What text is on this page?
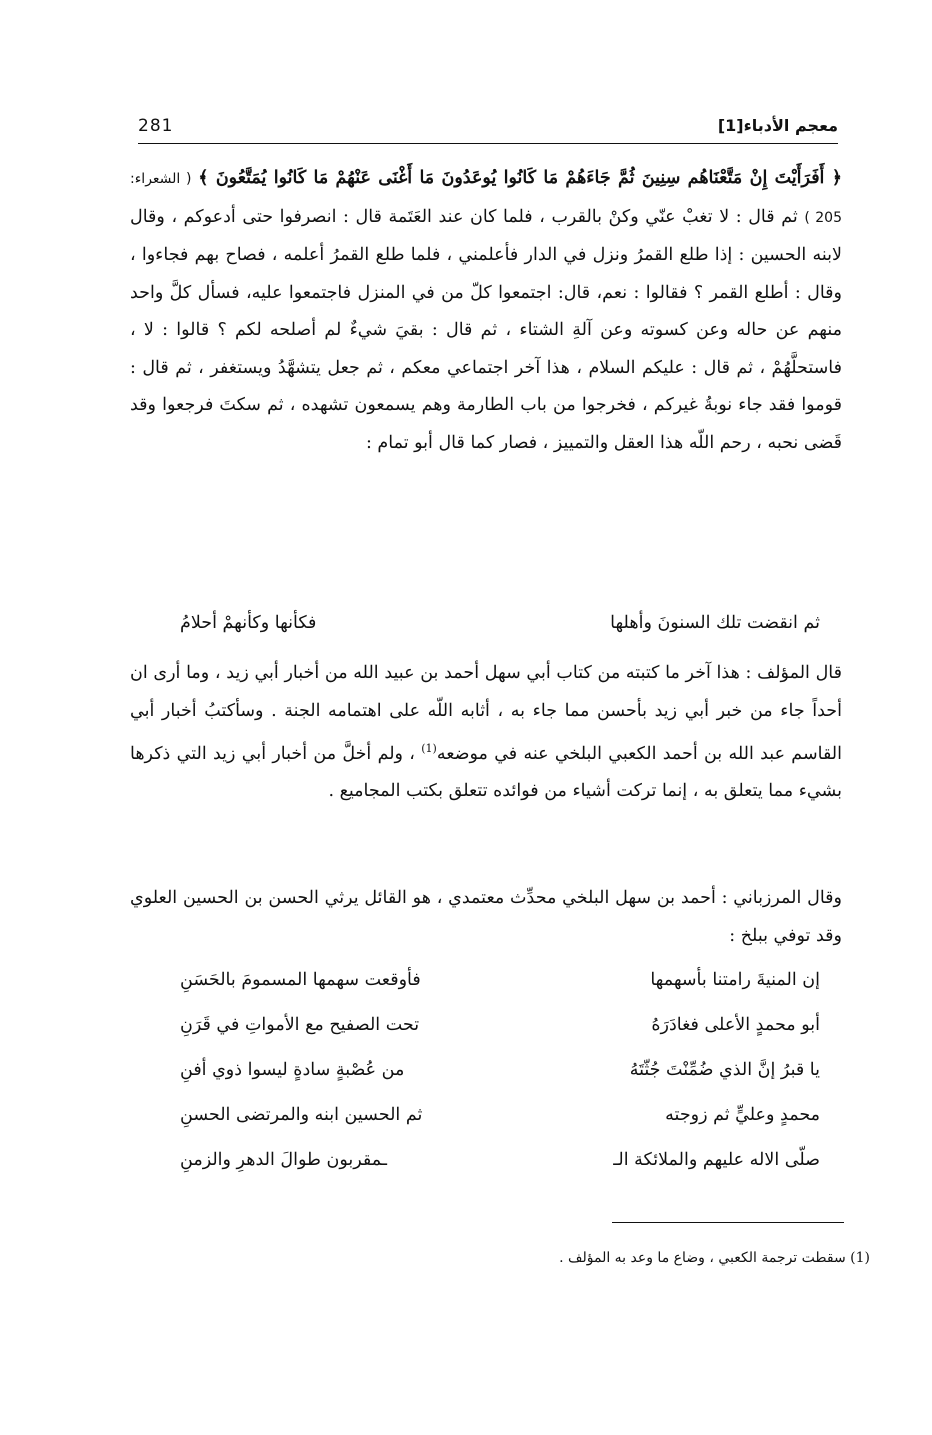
281	معجم الأدباء[1]

﴿ أَفَرَأَيْتَ إِنْ مَتَّعْنَاهُم سِنِينَ ثُمَّ جَاءَهُمْ مَا كَانُوا يُوعَدُونَ مَا أَغْنَى عَنْهُمْ مَا كَانُوا يُمَتَّعُونَ ﴾ ( الشعراء: 205 ) ثم قال : لا تغبْ عنّي وكنْ بالقرب ، فلما كان عند العَتَمة قال : انصرفوا حتى أدعوكم ، وقال لابنه الحسين : إذا طلع القمرُ ونزل في الدار فأعلمني ، فلما طلع القمرُ أعلمه ، فصاح بهم فجاءوا ، وقال : أطلع القمر ؟ فقالوا : نعم، قال: اجتمعوا كلّ من في المنزل فاجتمعوا عليه، فسأل كلَّ واحد منهم عن حاله وعن كسوته وعن آلةِ الشتاء ، ثم قال : بقيَ شيءٌ لم أصلحه لكم ؟ قالوا : لا ، فاستحلَّهُمْ ، ثم قال : عليكم السلام ، هذا آخر اجتماعي معكم ، ثم جعل يتشهَّدُ ويستغفر ، ثم قال : قوموا فقد جاء نوبةُ غيركم ، فخرجوا من باب الطارمة وهم يسمعون تشهده ، ثم سكتَ فرجعوا وقد قَضى نحبه ، رحم اللّه هذا العقل والتمييز ، فصار كما قال أبو تمام :

ثم انقضت تلك السنونَ وأهلها
فكأنها وكأنهمْ أحلامُ

قال المؤلف : هذا آخر ما كتبته من كتاب أبي سهل أحمد بن عبيد الله من أخبار أبي زيد ، وما أرى ان أحداً جاء من خبر أبي زيد بأحسن مما جاء به ، أثابه اللّه على اهتمامه الجنة . وسأكتبُ أخبار أبي القاسم عبد الله بن أحمد الكعبي البلخي عنه في موضعه$^{(1)}$ ، ولم أخلَّ من أخبار أبي زيد التي ذكرها بشيء مما يتعلق به ، إنما تركت أشياء من فوائده تتعلق بكتب المجاميع .

وقال المرزباني : أحمد بن سهل البلخي محدِّث معتمدي ، هو القائل يرثي الحسن بن الحسين العلوي وقد توفي ببلخ :

إن المنيةَ رامتنا بأسهمها
فأوقعت سهمها المسمومَ بالحَسَنِ
أبو محمدٍ الأعلى فغادَرَهُ
تحت الصفيح مع الأمواتِ في قَرَنِ
يا قبرُ إنَّ الذي ضُمِّنْتَ جُثّتَهُ
من عُصْبةٍ سادةٍ ليسوا ذوي أفنِ
محمدٍ وعليٍّ ثم زوجته
ثم الحسين ابنه والمرتضى الحسنِ
صلّى الاله عليهم والملائكة الـ
ـمقربون طوالَ الدهرِ والزمنِ
(1) سقطت ترجمة الكعبي ، وضاع ما وعد به المؤلف .
